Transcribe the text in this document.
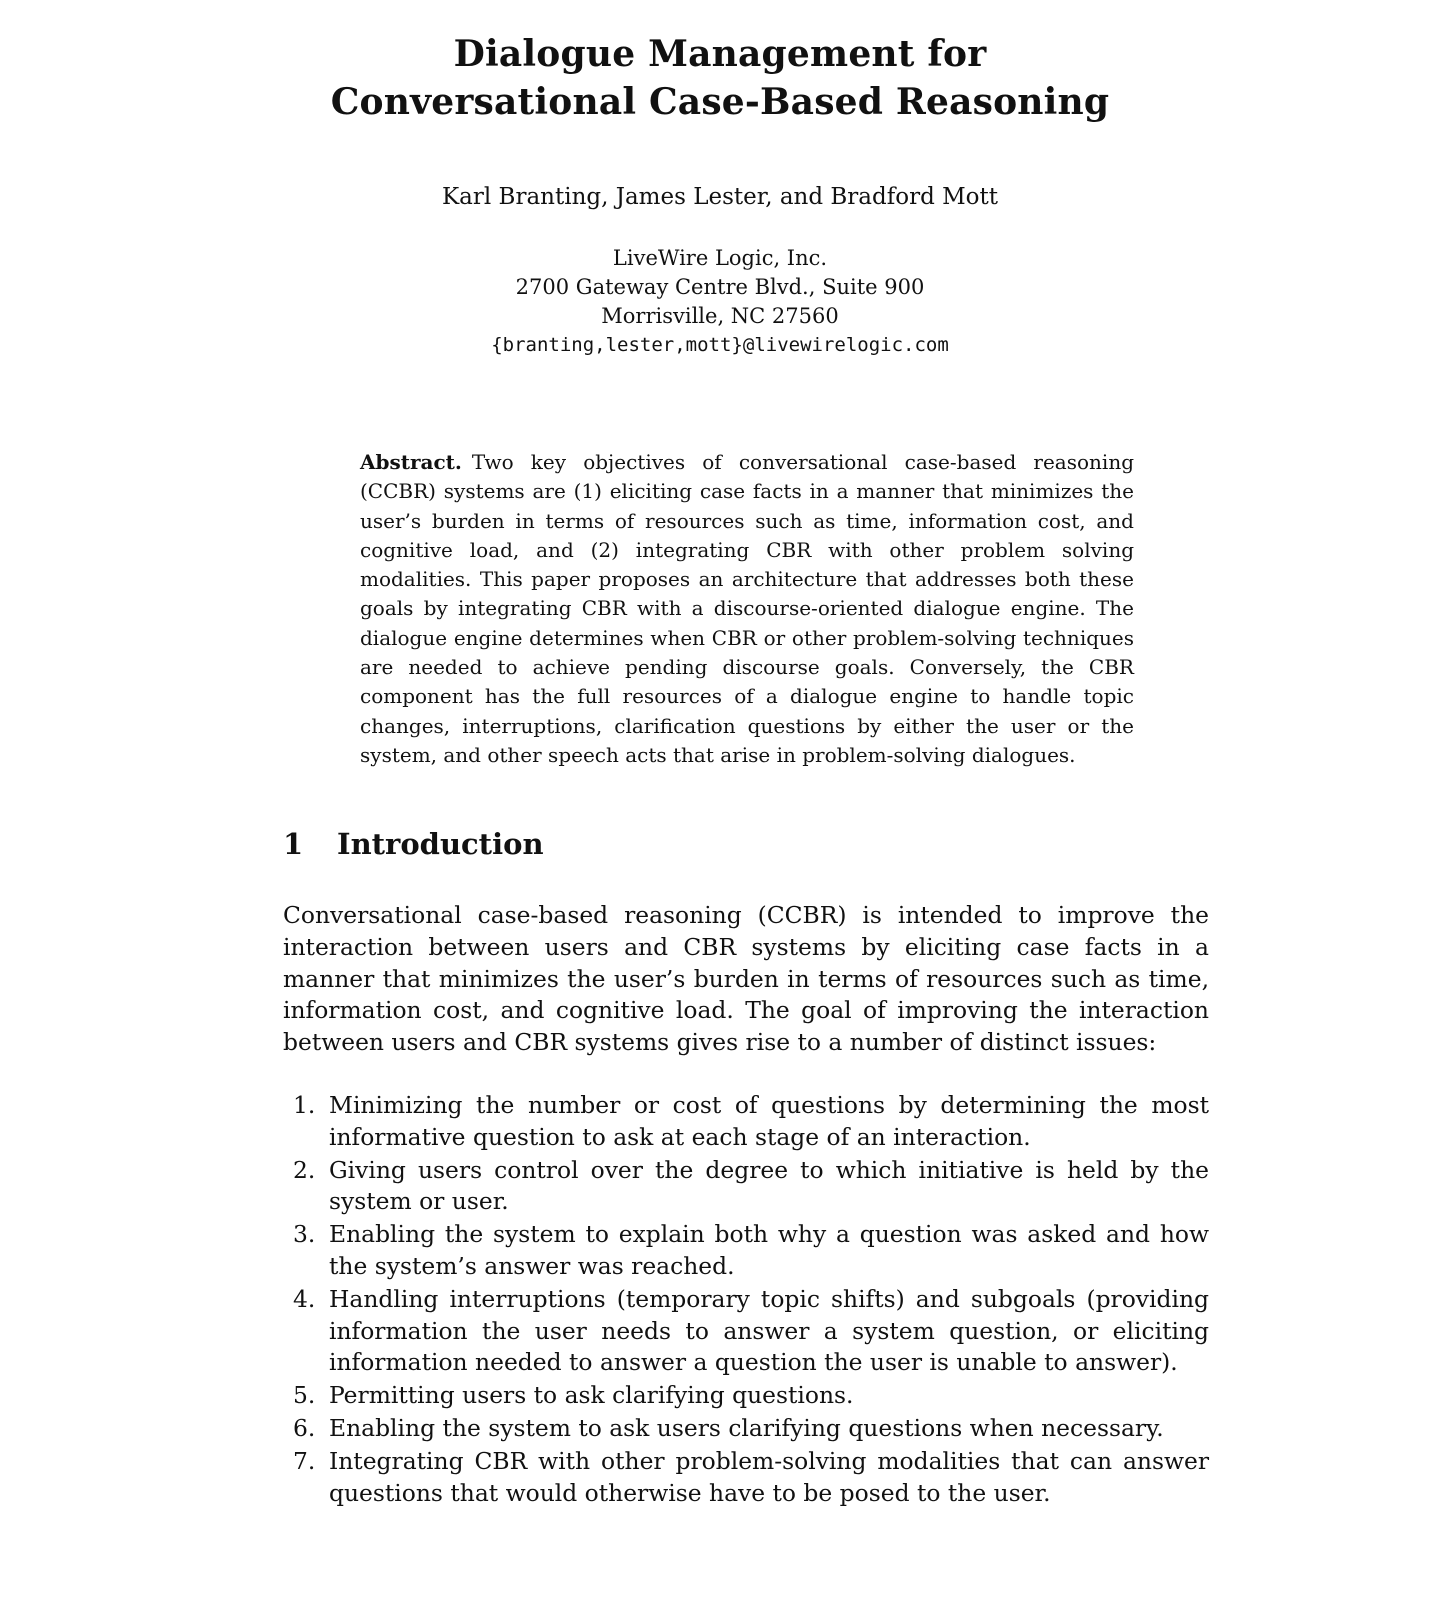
Dialogue Management for
Conversational Case-Based Reasoning
Karl Branting, James Lester, and Bradford Mott
LiveWire Logic, Inc.
2700 Gateway Centre Blvd., Suite 900
Morrisville, NC 27560
{branting,lester,mott}@livewirelogic.com
Abstract. Two key objectives of conversational case-based reasoning (CCBR) systems are (1) eliciting case facts in a manner that minimizes the user’s burden in terms of resources such as time, information cost, and cognitive load, and (2) integrating CBR with other problem solving modalities. This paper proposes an architecture that addresses both these goals by integrating CBR with a discourse-oriented dialogue engine. The dialogue engine determines when CBR or other problem-solving techniques are needed to achieve pending discourse goals. Conversely, the CBR component has the full resources of a dialogue engine to handle topic changes, interruptions, clarification questions by either the user or the system, and other speech acts that arise in problem-solving dialogues.
1 Introduction
Conversational case-based reasoning (CCBR) is intended to improve the interaction between users and CBR systems by eliciting case facts in a manner that minimizes the user’s burden in terms of resources such as time, information cost, and cognitive load. The goal of improving the interaction between users and CBR systems gives rise to a number of distinct issues:
1. Minimizing the number or cost of questions by determining the most informative question to ask at each stage of an interaction.
2. Giving users control over the degree to which initiative is held by the system or user.
3. Enabling the system to explain both why a question was asked and how the system’s answer was reached.
4. Handling interruptions (temporary topic shifts) and subgoals (providing information the user needs to answer a system question, or eliciting information needed to answer a question the user is unable to answer).
5. Permitting users to ask clarifying questions.
6. Enabling the system to ask users clarifying questions when necessary.
7. Integrating CBR with other problem-solving modalities that can answer questions that would otherwise have to be posed to the user.
